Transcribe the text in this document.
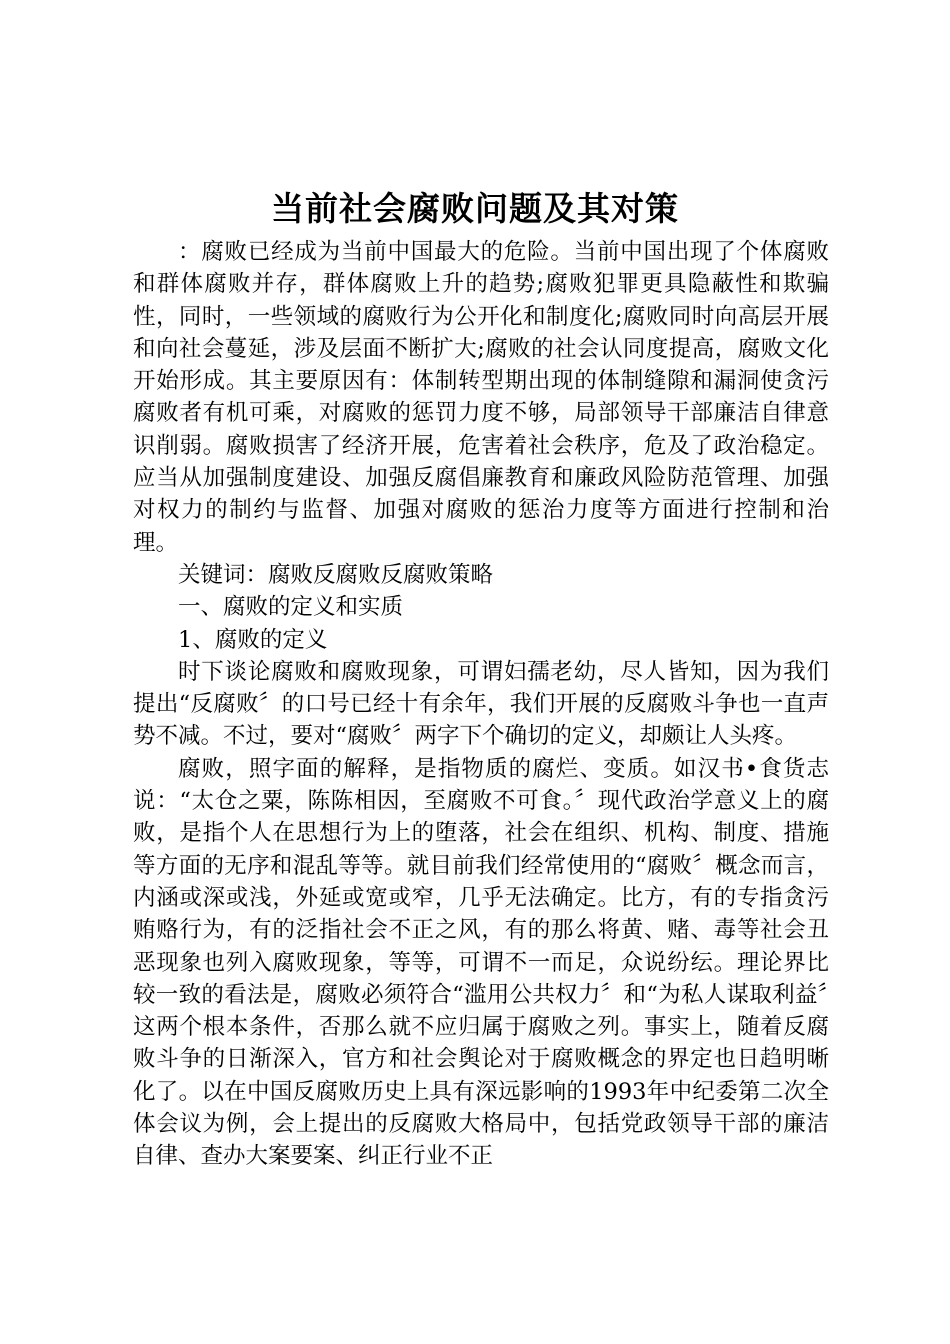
当前社会腐败问题及其对策

：腐败已经成为当前中国最大的危险。当前中国出现了个体腐败和群体腐败并存，群体腐败上升的趋势;腐败犯罪更具隐蔽性和欺骗性，同时，一些领域的腐败行为公开化和制度化;腐败同时向高层开展和向社会蔓延，涉及层面不断扩大;腐败的社会认同度提高，腐败文化开始形成。其主要原因有：体制转型期出现的体制缝隙和漏洞使贪污腐败者有机可乘，对腐败的惩罚力度不够，局部领导干部廉洁自律意识削弱。腐败损害了经济开展，危害着社会秩序，危及了政治稳定。应当从加强制度建设、加强反腐倡廉教育和廉政风险防范管理、加强对权力的制约与监督、加强对腐败的惩治力度等方面进行控制和治理。

关键词：腐败反腐败反腐败策略

一、腐败的定义和实质

1、腐败的定义

时下谈论腐败和腐败现象，可谓妇孺老幼，尽人皆知，因为我们提出“反腐败〞的口号已经十有余年，我们开展的反腐败斗争也一直声势不减。不过，要对“腐败〞两字下个确切的定义，却颇让人头疼。

腐败，照字面的解释，是指物质的腐烂、变质。如汉书•食货志说：“太仓之粟，陈陈相因，至腐败不可食。〞现代政治学意义上的腐败，是指个人在思想行为上的堕落，社会在组织、机构、制度、措施等方面的无序和混乱等等。就目前我们经常使用的“腐败〞概念而言，内涵或深或浅，外延或宽或窄，几乎无法确定。比方，有的专指贪污贿赂行为，有的泛指社会不正之风，有的那么将黄、赌、毒等社会丑恶现象也列入腐败现象，等等，可谓不一而足，众说纷纭。理论界比较一致的看法是，腐败必须符合“滥用公共权力〞和“为私人谋取利益〞这两个根本条件，否那么就不应归属于腐败之列。事实上，随着反腐败斗争的日渐深入，官方和社会舆论对于腐败概念的界定也日趋明晰化了。以在中国反腐败历史上具有深远影响的1993年中纪委第二次全体会议为例，会上提出的反腐败大格局中，包括党政领导干部的廉洁自律、查办大案要案、纠正行业不正
